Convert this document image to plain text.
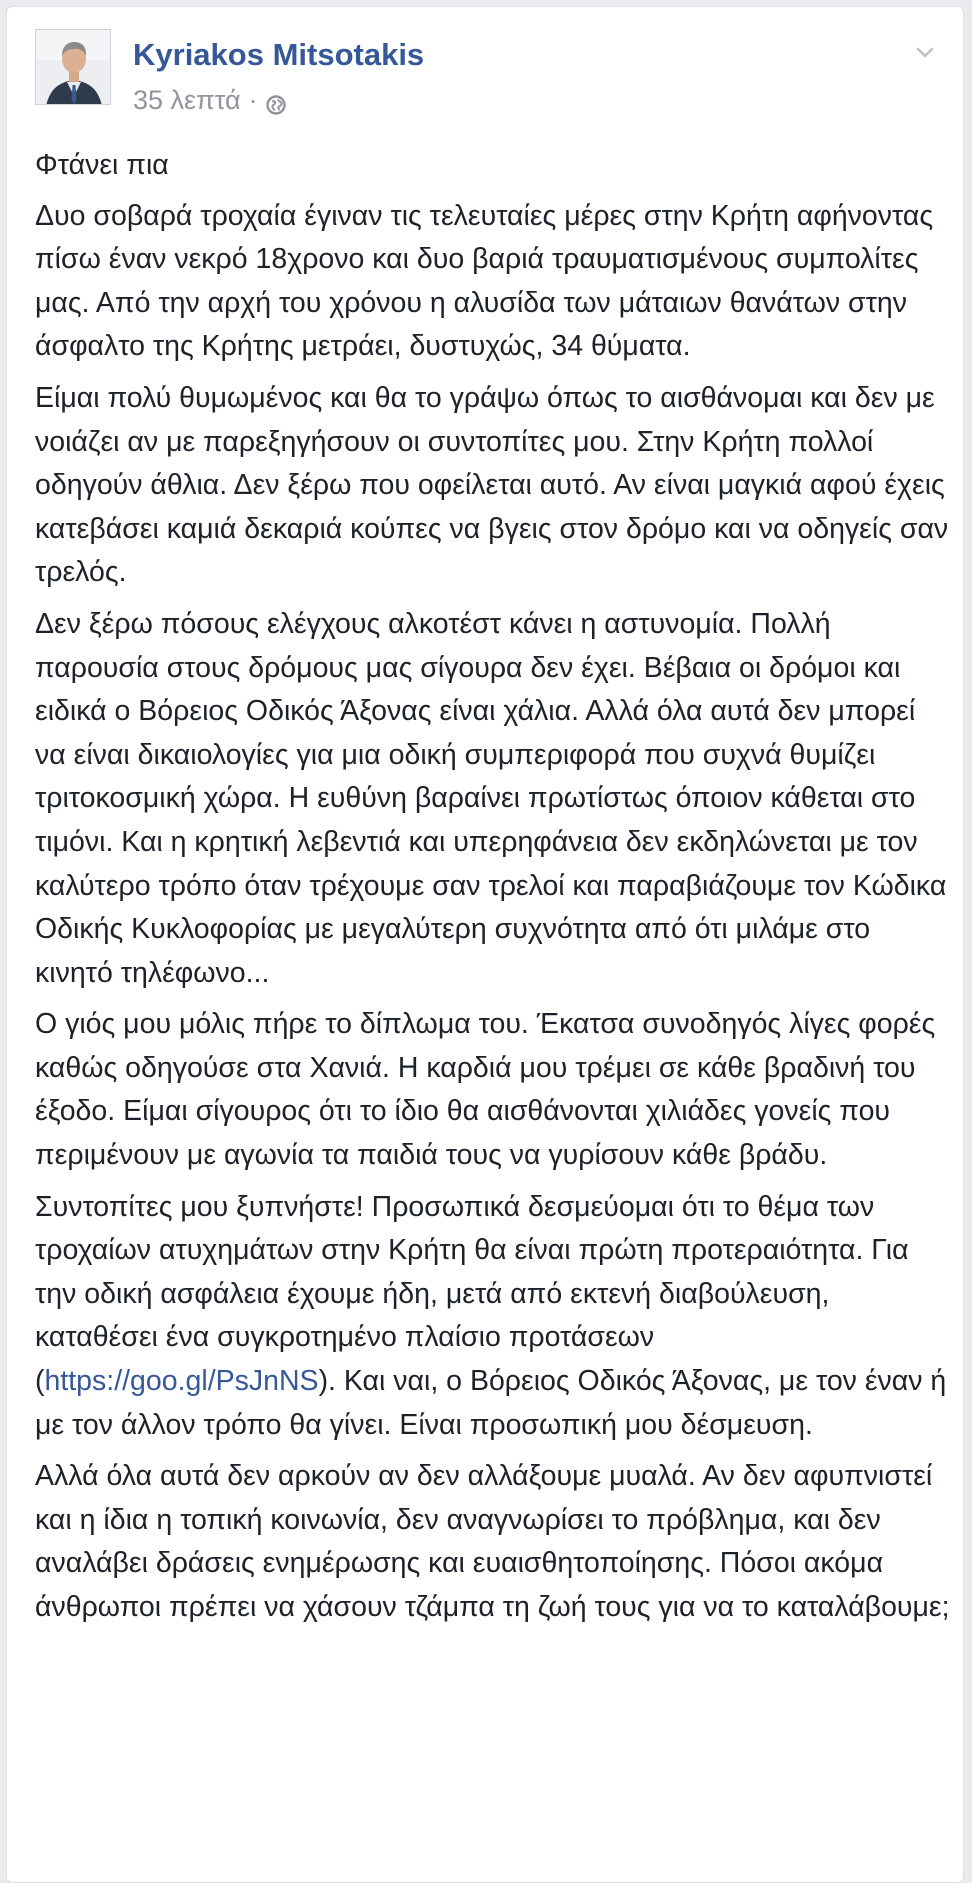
Kyriakos Mitsotakis
35 λεπτά ·

Φτάνει πια

Δυο σοβαρά τροχαία έγιναν τις τελευταίες μέρες στην Κρήτη αφήνοντας πίσω έναν νεκρό 18χρονο και δυο βαριά τραυματισμένους συμπολίτες μας. Από την αρχή του χρόνου η αλυσίδα των μάταιων θανάτων στην άσφαλτο της Κρήτης μετράει, δυστυχώς, 34 θύματα.

Είμαι πολύ θυμωμένος και θα το γράψω όπως το αισθάνομαι και δεν με νοιάζει αν με παρεξηγήσουν οι συντοπίτες μου. Στην Κρήτη πολλοί οδηγούν άθλια. Δεν ξέρω που οφείλεται αυτό. Αν είναι μαγκιά αφού έχεις κατεβάσει καμιά δεκαριά κούπες να βγεις στον δρόμο και να οδηγείς σαν τρελός.

Δεν ξέρω πόσους ελέγχους αλκοτέστ κάνει η αστυνομία. Πολλή παρουσία στους δρόμους μας σίγουρα δεν έχει. Βέβαια οι δρόμοι και ειδικά ο Βόρειος Οδικός Άξονας είναι χάλια. Αλλά όλα αυτά δεν μπορεί να είναι δικαιολογίες για μια οδική συμπεριφορά που συχνά θυμίζει τριτοκοσμική χώρα. Η ευθύνη βαραίνει πρωτίστως όποιον κάθεται στο τιμόνι. Και η κρητική λεβεντιά και υπερηφάνεια δεν εκδηλώνεται με τον καλύτερο τρόπο όταν τρέχουμε σαν τρελοί και παραβιάζουμε τον Κώδικα Οδικής Κυκλοφορίας με μεγαλύτερη συχνότητα από ότι μιλάμε στο κινητό τηλέφωνο...

Ο γιός μου μόλις πήρε το δίπλωμα του. Έκατσα συνοδηγός λίγες φορές καθώς οδηγούσε στα Χανιά. Η καρδιά μου τρέμει σε κάθε βραδινή του έξοδο. Είμαι σίγουρος ότι το ίδιο θα αισθάνονται χιλιάδες γονείς που περιμένουν με αγωνία τα παιδιά τους να γυρίσουν κάθε βράδυ.

Συντοπίτες μου ξυπνήστε! Προσωπικά δεσμεύομαι ότι το θέμα των τροχαίων ατυχημάτων στην Κρήτη θα είναι πρώτη προτεραιότητα. Για την οδική ασφάλεια έχουμε ήδη, μετά από εκτενή διαβούλευση, καταθέσει ένα συγκροτημένο πλαίσιο προτάσεων (https://goo.gl/PsJnNS). Και ναι, ο Βόρειος Οδικός Άξονας, με τον έναν ή με τον άλλον τρόπο θα γίνει. Είναι προσωπική μου δέσμευση.

Αλλά όλα αυτά δεν αρκούν αν δεν αλλάξουμε μυαλά. Αν δεν αφυπνιστεί και η ίδια η τοπική κοινωνία, δεν αναγνωρίσει το πρόβλημα, και δεν αναλάβει δράσεις ενημέρωσης και ευαισθητοποίησης. Πόσοι ακόμα άνθρωποι πρέπει να χάσουν τζάμπα τη ζωή τους για να το καταλάβουμε;
